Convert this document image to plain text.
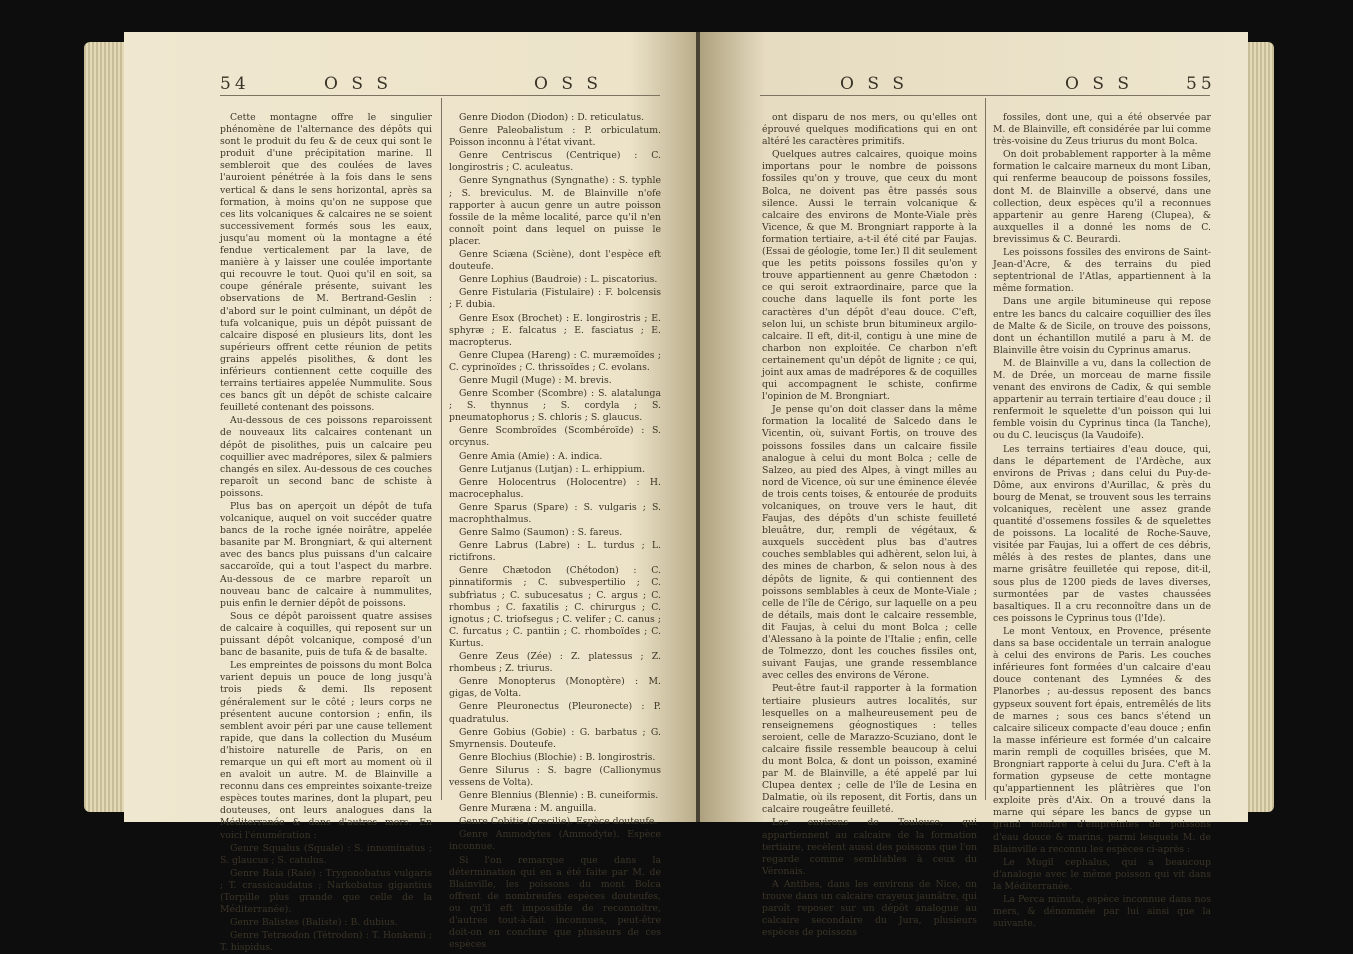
54	O S S	O S S

Cette montagne offre le singulier phénomène de l'alternance des dépôts qui sont le produit du feu & de ceux qui sont le produit d'une précipitation marine. Il sembleroit que des coulées de laves l'auroient pénétrée à la fois dans le sens vertical & dans le sens horizontal, après sa formation, à moins qu'on ne suppose que ces lits volcaniques & calcaires ne se soient successivement formés sous les eaux, jusqu'au moment où la montagne a été fendue verticalement par la lave, de manière à y laisser une coulée importante qui recouvre le tout. Quoi qu'il en soit, sa coupe générale présente, suivant les observations de M. Bertrand-Geslin : d'abord sur le point culminant, un dépôt de tufa volcanique, puis un dépôt puissant de calcaire disposé en plusieurs lits, dont les supérieurs offrent cette réunion de petits grains appelés pisolithes, & dont les inférieurs contiennent cette coquille des terrains tertiaires appelée Nummulite. Sous ces bancs gît un dépôt de schiste calcaire feuilleté contenant des poissons.

Au-dessous de ces poissons reparoissent de nouveaux lits calcaires contenant un dépôt de pisolithes, puis un calcaire peu coquillier avec madrépores, silex & palmiers changés en silex. Au-dessous de ces couches reparoît un second banc de schiste à poissons.

Plus bas on aperçoit un dépôt de tufa volcanique, auquel on voit succéder quatre bancs de la roche ignée noirâtre, appelée basanite par M. Brongniart, & qui alternent avec des bancs plus puissans d'un calcaire saccaroïde, qui a tout l'aspect du marbre. Au-dessous de ce marbre reparoît un nouveau banc de calcaire à nummulites, puis enfin le dernier dépôt de poissons.

Sous ce dépôt paroissent quatre assises de calcaire à coquilles, qui reposent sur un puissant dépôt volcanique, composé d'un banc de basanite, puis de tufa & de basalte.

Les empreintes de poissons du mont Bolca varient depuis un pouce de long jusqu'à trois pieds & demi. Ils reposent généralement sur le côté ; leurs corps ne présentent aucune contorsion ; enfin, ils semblent avoir péri par une cause tellement rapide, que dans la collection du Muséum d'histoire naturelle de Paris, on en remarque un qui eft mort au moment où il en avaloit un autre. M. de Blainville a reconnu dans ces empreintes soixante-treize espèces toutes marines, dont la plupart, peu douteuses, ont leurs analogues dans la Méditerranée & dans d'autres mers. En voici l'énumération :

Genre Squalus (Squale) : S. innominatus ; S. glaucus ; S. catulus.

Genre Raia (Raie) : Trygonobatus vulgaris ; T. crassicaudatus ; Narkobatus gigantius (Torpille plus grande que celle de la Méditerranée).

Genre Balistes (Baliste) : B. dubius.

Genre Tetraodon (Tétrodon) : T. Honkenii ; T. hispidus.

Genre Diodon (Diodon) : D. reticulatus.

Genre Paleobalistum : P. orbiculatum. Poisson inconnu à l'état vivant.

Genre Centriscus (Centrique) : C. longirostris ; C. aculeatus.

Genre Syngnathus (Syngnathe) : S. typhle ; S. breviculus. M. de Blainville n'ofe rapporter à aucun genre un autre poisson fossile de la même localité, parce qu'il n'en connoît point dans lequel on puisse le placer.

Genre Sciæna (Sciène), dont l'espèce eft douteufe.

Genre Lophius (Baudroie) : L. piscatorius.

Genre Fistularia (Fistulaire) : F. bolcensis ; F. dubia.

Genre Esox (Brochet) : E. longirostris ; E. sphyræ ; E. falcatus ; E. fasciatus ; E. macropterus.

Genre Clupea (Hareng) : C. muræmoïdes ; C. cyprinoïdes ; C. thrissoïdes ; C. evolans.

Genre Mugil (Muge) : M. brevis.

Genre Scomber (Scombre) : S. alatalunga ; S. thynnus ; S. cordyla ; S. pneumatophorus ; S. chloris ; S. glaucus.

Genre Scombroïdes (Scombéroïde) : S. orcynus.

Genre Amia (Amie) : A. indica.

Genre Lutjanus (Lutjan) : L. erhippium.

Genre Holocentrus (Holocentre) : H. macrocephalus.

Genre Sparus (Spare) : S. vulgaris ; S. macrophthalmus.

Genre Salmo (Saumon) : S. fareus.

Genre Labrus (Labre) : L. turdus ; L. rictifrons.

Genre Chætodon (Chétodon) : C. pinnatiformis ; C. subvespertilio ; C. subfrìatus ; C. subucesatus ; C. argus ; C. rhombus ; C. faxatilis ; C. chirurgus ; C. ignotus ; C. triofsegus ; C. velifer ; C. canus ; C. furcatus ; C. pantiin ; C. rhomboïdes ; C. Kurtus.

Genre Zeus (Zée) : Z. platessus ; Z. rhombeus ; Z. triurus.

Genre Monopterus (Monoptère) : M. gigas, de Volta.

Genre Pleuronectus (Pleuronecte) : P. quadratulus.

Genre Gobius (Gobie) : G. barbatus ; G. Smyrnensis. Douteufe.

Genre Blochius (Blochie) : B. longirostris.

Genre Silurus : S. bagre (Callionymus vessens de Volta).

Genre Blennius (Blennie) : B. cuneiformis.

Genre Muræna : M. anguilla.

Genre Cobitis (Cœcilie). Espèce douteufe.

Genre Ammodytes (Ammodyte). Espèce inconnue.

Si l'on remarque que dans la détermination qui en a été faite par M. de Blainville, les poissons du mont Bolca offrent de nombreufes espèces douteufes, ou qu'il eft impossible de reconnoître, d'autres tout-à-fait inconnues, peut-être doit-on en conclure que plusieurs de ces espèces

O S S	O S S	55

ont disparu de nos mers, ou qu'elles ont éprouvé quelques modifications qui en ont altéré les caractères primitifs.

Quelques autres calcaires, quoique moins importans pour le nombre de poissons fossiles qu'on y trouve, que ceux du mont Bolca, ne doivent pas être passés sous silence. Aussi le terrain volcanique & calcaire des environs de Monte-Viale près Vicence, & que M. Brongniart rapporte à la formation tertiaire, a-t-il été cité par Faujas. (Essai de géologie, tome Ier.) Il dit seulement que les petits poissons fossiles qu'on y trouve appartiennent au genre Chætodon : ce qui seroit extraordinaire, parce que la couche dans laquelle ils font porte les caractères d'un dépôt d'eau douce. C'eft, selon lui, un schiste brun bitumineux argilo-calcaire. Il eft, dit-il, contigu à une mine de charbon non exploitée. Ce charbon n'eft certainement qu'un dépôt de lignite ; ce qui, joint aux amas de madrépores & de coquilles qui accompagnent le schiste, confirme l'opinion de M. Brongniart.

Je pense qu'on doit classer dans la même formation la localité de Salcedo dans le Vicentin, où, suivant Fortis, on trouve des poissons fossiles dans un calcaire fissile analogue à celui du mont Bolca ; celle de Salzeo, au pied des Alpes, à vingt milles au nord de Vicence, où sur une éminence élevée de trois cents toises, & entourée de produits volcaniques, on trouve vers le haut, dit Faujas, des dépôts d'un schiste feuilleté bleuâtre, dur, rempli de végétaux, & auxquels succèdent plus bas d'autres couches semblables qui adhèrent, selon lui, à des mines de charbon, & selon nous à des dépôts de lignite, & qui contiennent des poissons semblables à ceux de Monte-Viale ; celle de l'île de Cérigo, sur laquelle on a peu de détails, mais dont le calcaire ressemble, dit Faujas, à celui du mont Bolca ; celle d'Alessano à la pointe de l'Italie ; enfin, celle de Tolmezzo, dont les couches fissiles ont, suivant Faujas, une grande ressemblance avec celles des environs de Vérone.

Peut-être faut-il rapporter à la formation tertiaire plusieurs autres localités, sur lesquelles on a malheureusement peu de renseignemens géognostiques : telles seroient, celle de Marazzo-Scuziano, dont le calcaire fissile ressemble beaucoup à celui du mont Bolca, & dont un poisson, examiné par M. de Blainville, a été appelé par lui Clupea dentex ; celle de l'île de Lesina en Dalmatie, où ils reposent, dit Fortis, dans un calcaire rougeâtre feuilleté.

Les environs de Toulouse, qui appartiennent au calcaire de la formation tertiaire, recèlent aussi des poissons que l'on regarde comme semblables à ceux du Véronais.

A Antibes, dans les environs de Nice, on trouve dans un calcaire crayeux jaunâtre, qui paroît reposer sur un dépôt analogue au calcaire secondaire du Jura, plusieurs espèces de poissons

fossiles, dont une, qui a été observée par M. de Blainville, eft considérée par lui comme très-voisine du Zeus triurus du mont Bolca.

On doit probablement rapporter à la même formation le calcaire marneux du mont Liban, qui renferme beaucoup de poissons fossiles, dont M. de Blainville a observé, dans une collection, deux espèces qu'il a reconnues appartenir au genre Hareng (Clupea), & auxquelles il a donné les noms de C. brevissimus & C. Beurardi.

Les poissons fossiles des environs de Saint-Jean-d'Acre, & des terrains du pied septentrional de l'Atlas, appartiennent à la même formation.

Dans une argile bitumineuse qui repose entre les bancs du calcaire coquillier des îles de Malte & de Sicile, on trouve des poissons, dont un échantillon mutilé a paru à M. de Blainville être voisin du Cyprinus amarus.

M. de Blainville a vu, dans la collection de M. de Drée, un morceau de marne fissile venant des environs de Cadix, & qui semble appartenir au terrain tertiaire d'eau douce ; il renfermoit le squelette d'un poisson qui lui femble voisin du Cyprinus tinca (la Tanche), ou du C. leucisçus (la Vaudoife).

Les terrains tertiaires d'eau douce, qui, dans le département de l'Ardèche, aux environs de Privas ; dans celui du Puy-de-Dôme, aux environs d'Aurillac, & près du bourg de Menat, se trouvent sous les terrains volcaniques, recèlent une assez grande quantité d'ossemens fossiles & de squelettes de poissons. La localité de Roche-Sauve, visitée par Faujas, lui a offert de ces débris, mêlés à des restes de plantes, dans une marne grisâtre feuilletée qui repose, dit-il, sous plus de 1200 pieds de laves diverses, surmontées par de vastes chaussées basaltiques. Il a cru reconnoître dans un de ces poissons le Cyprinus tous (l'Ide).

Le mont Ventoux, en Provence, présente dans sa base occidentale un terrain analogue à celui des environs de Paris. Les couches inférieures font formées d'un calcaire d'eau douce contenant des Lymnées & des Planorbes ; au-dessus reposent des bancs gypseux souvent fort épais, entremêlés de lits de marnes ; sous ces bancs s'étend un calcaire siliceux compacte d'eau douce ; enfin la masse inférieure est formée d'un calcaire marin rempli de coquilles brisées, que M. Brongniart rapporte à celui du Jura. C'eft à la formation gypseuse de cette montagne qu'appartiennent les plâtrières que l'on exploite près d'Aix. On a trouvé dans la marne qui sépare les bancs de gypse un grand nombre d'empreintes de poissons d'eau douce & marins, parmi lesquels M. de Blainville a reconnu les espèces ci-après :

Le Mugil cephalus, qui a beaucoup d'analogie avec le même poisson qui vit dans la Méditerranée.

La Perca minuta, espèce inconnue dans nos mers, & dénommée par lui ainsi que la suivante.
